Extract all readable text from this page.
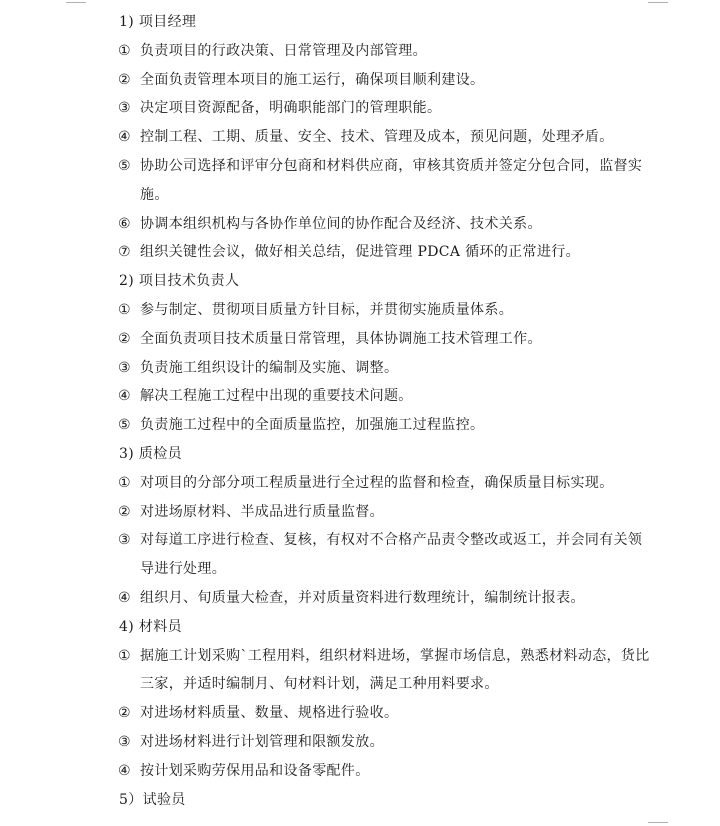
1) 项目经理
① 负责项目的行政决策、日常管理及内部管理。
② 全面负责管理本项目的施工运行，确保项目顺利建设。
③ 决定项目资源配备，明确职能部门的管理职能。
④ 控制工程、工期、质量、安全、技术、管理及成本，预见问题，处理矛盾。
⑤ 协助公司选择和评审分包商和材料供应商，审核其资质并签定分包合同，监督实
施。
⑥ 协调本组织机构与各协作单位间的协作配合及经济、技术关系。
⑦ 组织关键性会议，做好相关总结，促进管理 PDCA 循环的正常进行。
2) 项目技术负责人
① 参与制定、贯彻项目质量方针目标，并贯彻实施质量体系。
② 全面负责项目技术质量日常管理，具体协调施工技术管理工作。
③ 负责施工组织设计的编制及实施、调整。
④ 解决工程施工过程中出现的重要技术问题。
⑤ 负责施工过程中的全面质量监控，加强施工过程监控。
3) 质检员
① 对项目的分部分项工程质量进行全过程的监督和检查，确保质量目标实现。
② 对进场原材料、半成品进行质量监督。
③ 对每道工序进行检查、复核，有权对不合格产品责令整改或返工，并会同有关领
导进行处理。
④ 组织月、旬质量大检查，并对质量资料进行数理统计，编制统计报表。
4) 材料员
① 据施工计划采购`工程用料，组织材料进场，掌握市场信息，熟悉材料动态，货比
三家，并适时编制月、旬材料计划，满足工种用料要求。
② 对进场材料质量、数量、规格进行验收。
③ 对进场材料进行计划管理和限额发放。
④ 按计划采购劳保用品和设备零配件。
5）试验员
